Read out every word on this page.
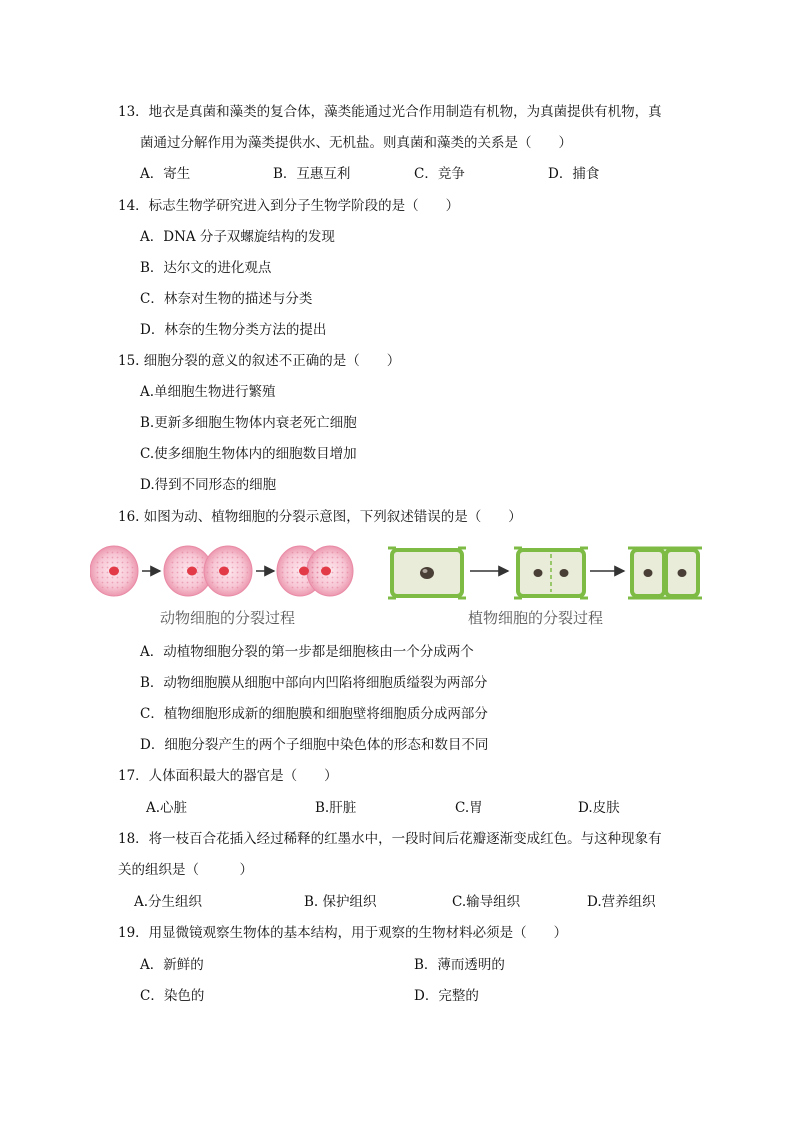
13．地衣是真菌和藻类的复合体，藻类能通过光合作用制造有机物，为真菌提供有机物，真
菌通过分解作用为藻类提供水、无机盐。则真菌和藻类的关系是（　　）
A．寄生	B．互惠互利	C．竞争	D．捕食
14．标志生物学研究进入到分子生物学阶段的是（　　）
A．DNA 分子双螺旋结构的发现
B．达尔文的进化观点
C．林奈对生物的描述与分类
D．林奈的生物分类方法的提出
15. 细胞分裂的意义的叙述不正确的是（　　）
A.单细胞生物进行繁殖
B.更新多细胞生物体内衰老死亡细胞
C.使多细胞生物体内的细胞数目增加
D.得到不同形态的细胞
16. 如图为动、植物细胞的分裂示意图，下列叙述错误的是（　　）
动物细胞的分裂过程	植物细胞的分裂过程
A．动植物细胞分裂的第一步都是细胞核由一个分成两个
B．动物细胞膜从细胞中部向内凹陷将细胞质缢裂为两部分
C．植物细胞形成新的细胞膜和细胞壁将细胞质分成两部分
D．细胞分裂产生的两个子细胞中染色体的形态和数目不同
17．人体面积最大的器官是（　　）
A.心脏	B.肝脏	C.胃	D.皮肤
18．将一枝百合花插入经过稀释的红墨水中，一段时间后花瓣逐渐变成红色。与这种现象有
关的组织是（　　　）
A.分生组织	B. 保护组织	C.输导组织	D.营养组织
19．用显微镜观察生物体的基本结构，用于观察的生物材料必须是（　　）
A．新鲜的	B．薄而透明的
C．染色的	D．完整的
